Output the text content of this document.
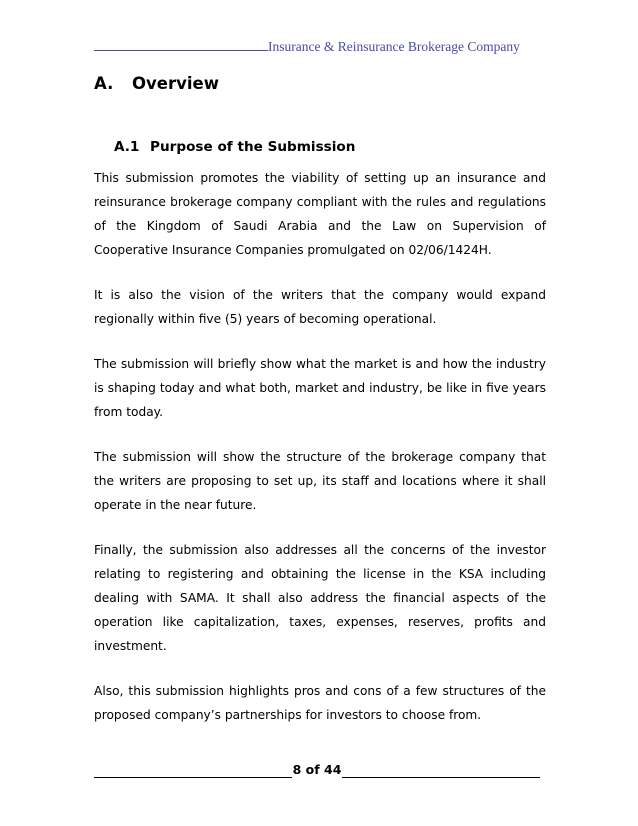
Insurance & Reinsurance Brokerage Company
A. Overview
A.1 Purpose of the Submission

This submission promotes the viability of setting up an insurance and reinsurance brokerage company compliant with the rules and regulations of the Kingdom of Saudi Arabia and the Law on Supervision of Cooperative Insurance Companies promulgated on 02/06/1424H.

It is also the vision of the writers that the company would expand regionally within five (5) years of becoming operational.

The submission will briefly show what the market is and how the industry is shaping today and what both, market and industry, be like in five years from today.

The submission will show the structure of the brokerage company that the writers are proposing to set up, its staff and locations where it shall operate in the near future.

Finally, the submission also addresses all the concerns of the investor relating to registering and obtaining the license in the KSA including dealing with SAMA. It shall also address the financial aspects of the operation like capitalization, taxes, expenses, reserves, profits and investment.

Also, this submission highlights pros and cons of a few structures of the proposed company’s partnerships for investors to choose from.

8 of 44
